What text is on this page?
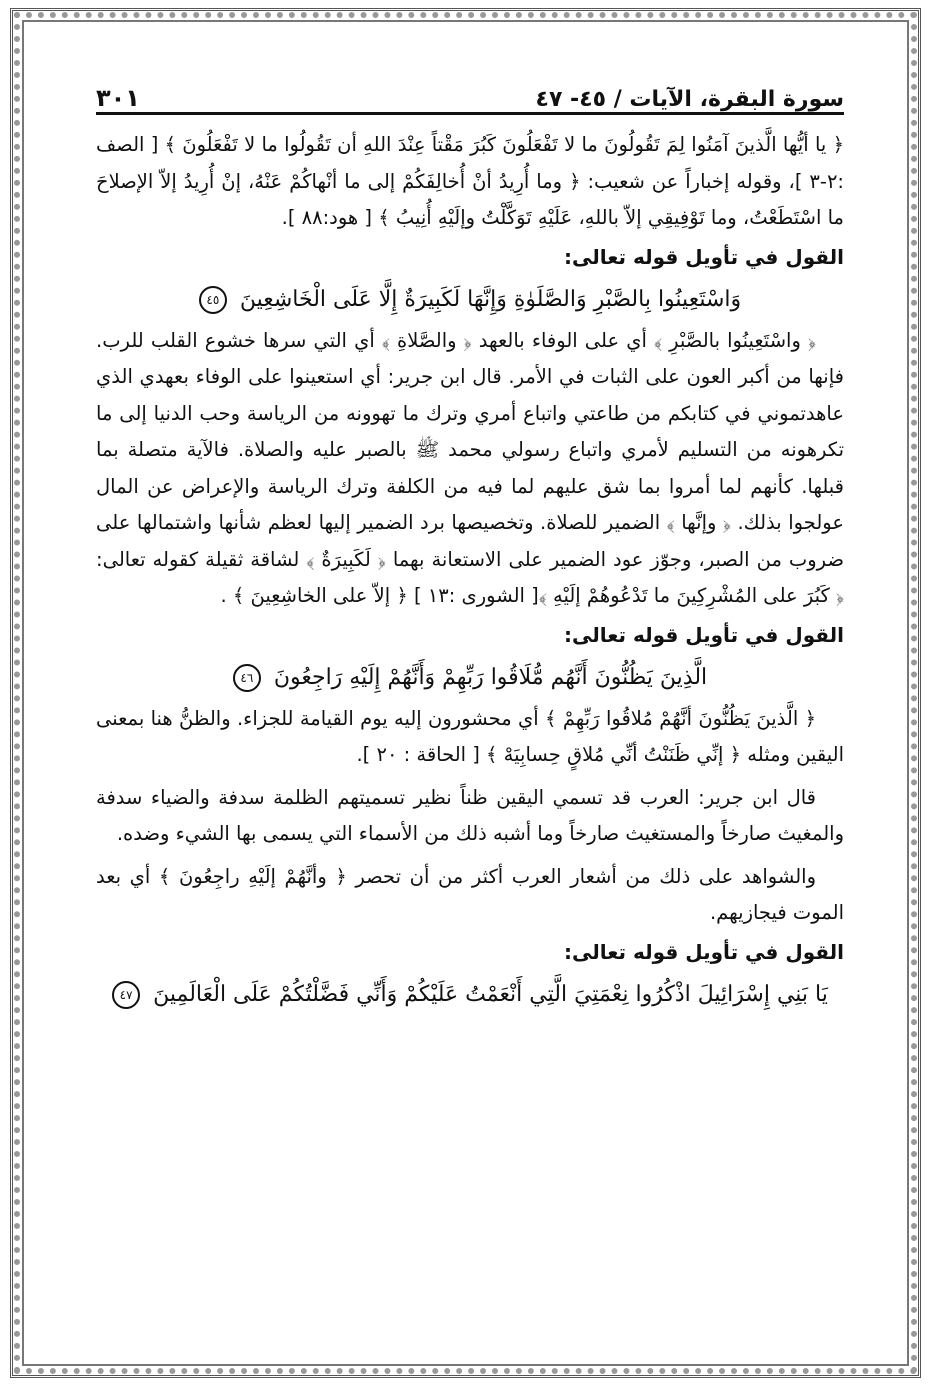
سورة البقرة، الآيات / ٤٥- ٤٧
٣٠١

﴿ يا أيُّها الَّذينَ آمَنُوا لِمَ تَقُولُونَ ما لا تَفْعَلُونَ كَبُرَ مَقْتاً عِنْدَ اللهِ أن تَقُولُوا ما لا تَفْعَلُونَ ﴾ [ الصف :٢-٣ ]، وقوله إخباراً عن شعيب: ﴿ وما أُرِيدُ أنْ أُخالِفَكُمْ إلى ما أنْهاكُمْ عَنْهُ، إنْ أُرِيدُ إلاّ الإصلاحَ ما اسْتَطَعْتُ، وما تَوْفِيقِي إلاّ باللهِ، عَلَيْهِ تَوَكَّلْتُ وإلَيْهِ أُنِيبُ ﴾ [ هود:٨٨ ].

القول في تأويل قوله تعالى:

وَاسْتَعِينُوا بِالصَّبْرِ وَالصَّلَوٰةِ وَإِنَّهَا لَكَبِيرَةٌ إِلَّا عَلَى الْخَاشِعِينَ ٤٥

﴿ واسْتَعِينُوا بالصَّبْرِ ﴾ أي على الوفاء بالعهد ﴿ والصَّلاةِ ﴾ أي التي سرها خشوع القلب للرب. فإنها من أكبر العون على الثبات في الأمر. قال ابن جرير: أي استعينوا على الوفاء بعهدي الذي عاهدتموني في كتابكم من طاعتي واتباع أمري وترك ما تهوونه من الرياسة وحب الدنيا إلى ما تكرهونه من التسليم لأمري واتباع رسولي محمد ﷺ بالصبر عليه والصلاة. فالآية متصلة بما قبلها. كأنهم لما أمروا بما شق عليهم لما فيه من الكلفة وترك الرياسة والإعراض عن المال عولجوا بذلك. ﴿ وإنَّها ﴾ الضمير للصلاة. وتخصيصها برد الضمير إليها لعظم شأنها واشتمالها على ضروب من الصبر، وجوّز عود الضمير على الاستعانة بهما ﴿ لَكَبِيرَةٌ ﴾ لشاقة ثقيلة كقوله تعالى: ﴿ كَبُرَ على المُشْرِكِينَ ما تَدْعُوهُمْ إلَيْهِ ﴾[ الشورى :١٣ ] ﴿ إلاّ على الخاشِعِينَ ﴾ .

القول في تأويل قوله تعالى:

الَّذِينَ يَظُنُّونَ أَنَّهُم مُّلَاقُوا رَبِّهِمْ وَأَنَّهُمْ إِلَيْهِ رَاجِعُونَ ٤٦

﴿ الَّذينَ يَظُنُّونَ أنَّهُمْ مُلاقُوا رَبِّهِمْ ﴾ أي محشورون إليه يوم القيامة للجزاء. والظنُّ هنا بمعنى اليقين ومثله ﴿ إنِّي ظَنَنْتُ أنِّي مُلاقٍ حِسابِيَهْ ﴾ [ الحاقة : ٢٠ ].

قال ابن جرير: العرب قد تسمي اليقين ظناً نظير تسميتهم الظلمة سدفة والضياء سدفة والمغيث صارخاً والمستغيث صارخاً وما أشبه ذلك من الأسماء التي يسمى بها الشيء وضده.

والشواهد على ذلك من أشعار العرب أكثر من أن تحصر ﴿ وأنَّهُمْ إلَيْهِ راجِعُونَ ﴾ أي بعد الموت فيجازيهم.

القول في تأويل قوله تعالى:

يَا بَنِي إِسْرَائِيلَ اذْكُرُوا نِعْمَتِيَ الَّتِي أَنْعَمْتُ عَلَيْكُمْ وَأَنِّي فَضَّلْتُكُمْ عَلَى الْعَالَمِينَ ٤٧
